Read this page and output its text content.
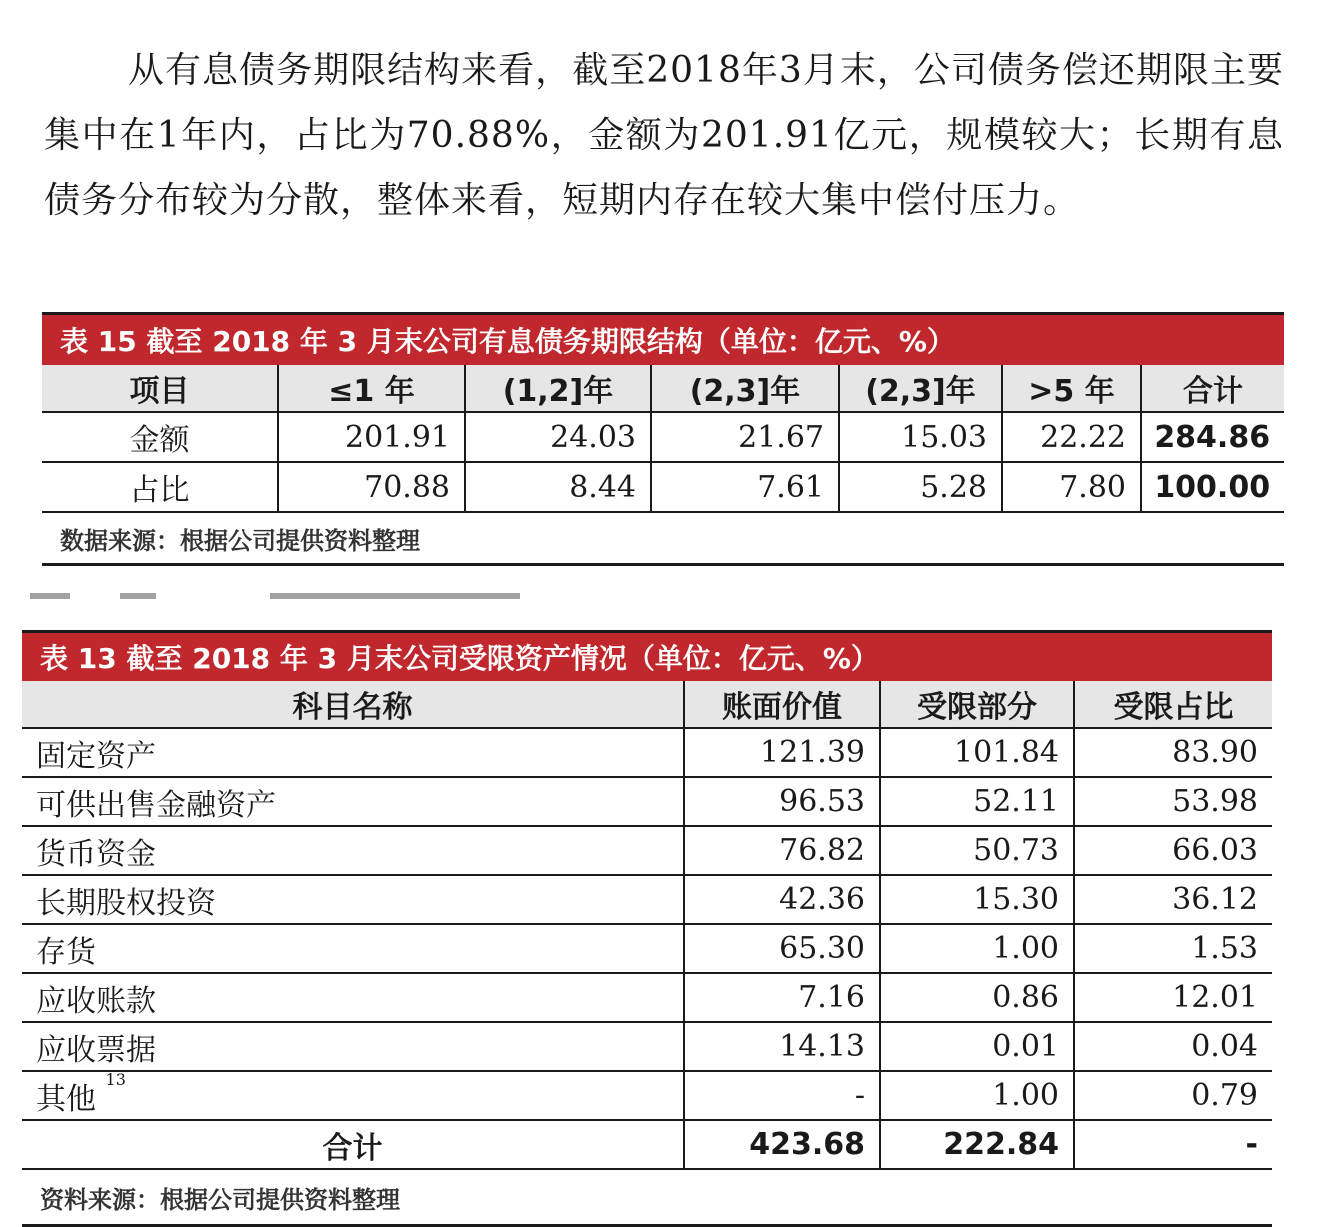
从有息债务期限结构来看，截至2018年3月末，公司债务偿还期限主要集中在1年内，占比为70.88%，金额为201.91亿元，规模较大；长期有息债务分布较为分散，整体来看，短期内存在较大集中偿付压力。

表 15 截至 2018 年 3 月末公司有息债务期限结构（单位：亿元、%）						
项目	≤1 年	(1,2]年	(2,3]年	(2,3]年	>5 年	合计
金额	201.91	24.03	21.67	15.03	22.22	284.86
占比	70.88	8.44	7.61	5.28	7.80	100.00
数据来源：根据公司提供资料整理						
表 13 截至 2018 年 3 月末公司受限资产情况（单位：亿元、%）			
科目名称	账面价值	受限部分	受限占比
固定资产	121.39	101.84	83.90
可供出售金融资产	96.53	52.11	53.98
货币资金	76.82	50.73	66.03
长期股权投资	42.36	15.30	36.12
存货	65.30	1.00	1.53
应收账款	7.16	0.86	12.01
应收票据	14.13	0.01	0.04
其他 $^{13}$	-	1.00	0.79
合计	423.68	222.84	-
资料来源：根据公司提供资料整理			
